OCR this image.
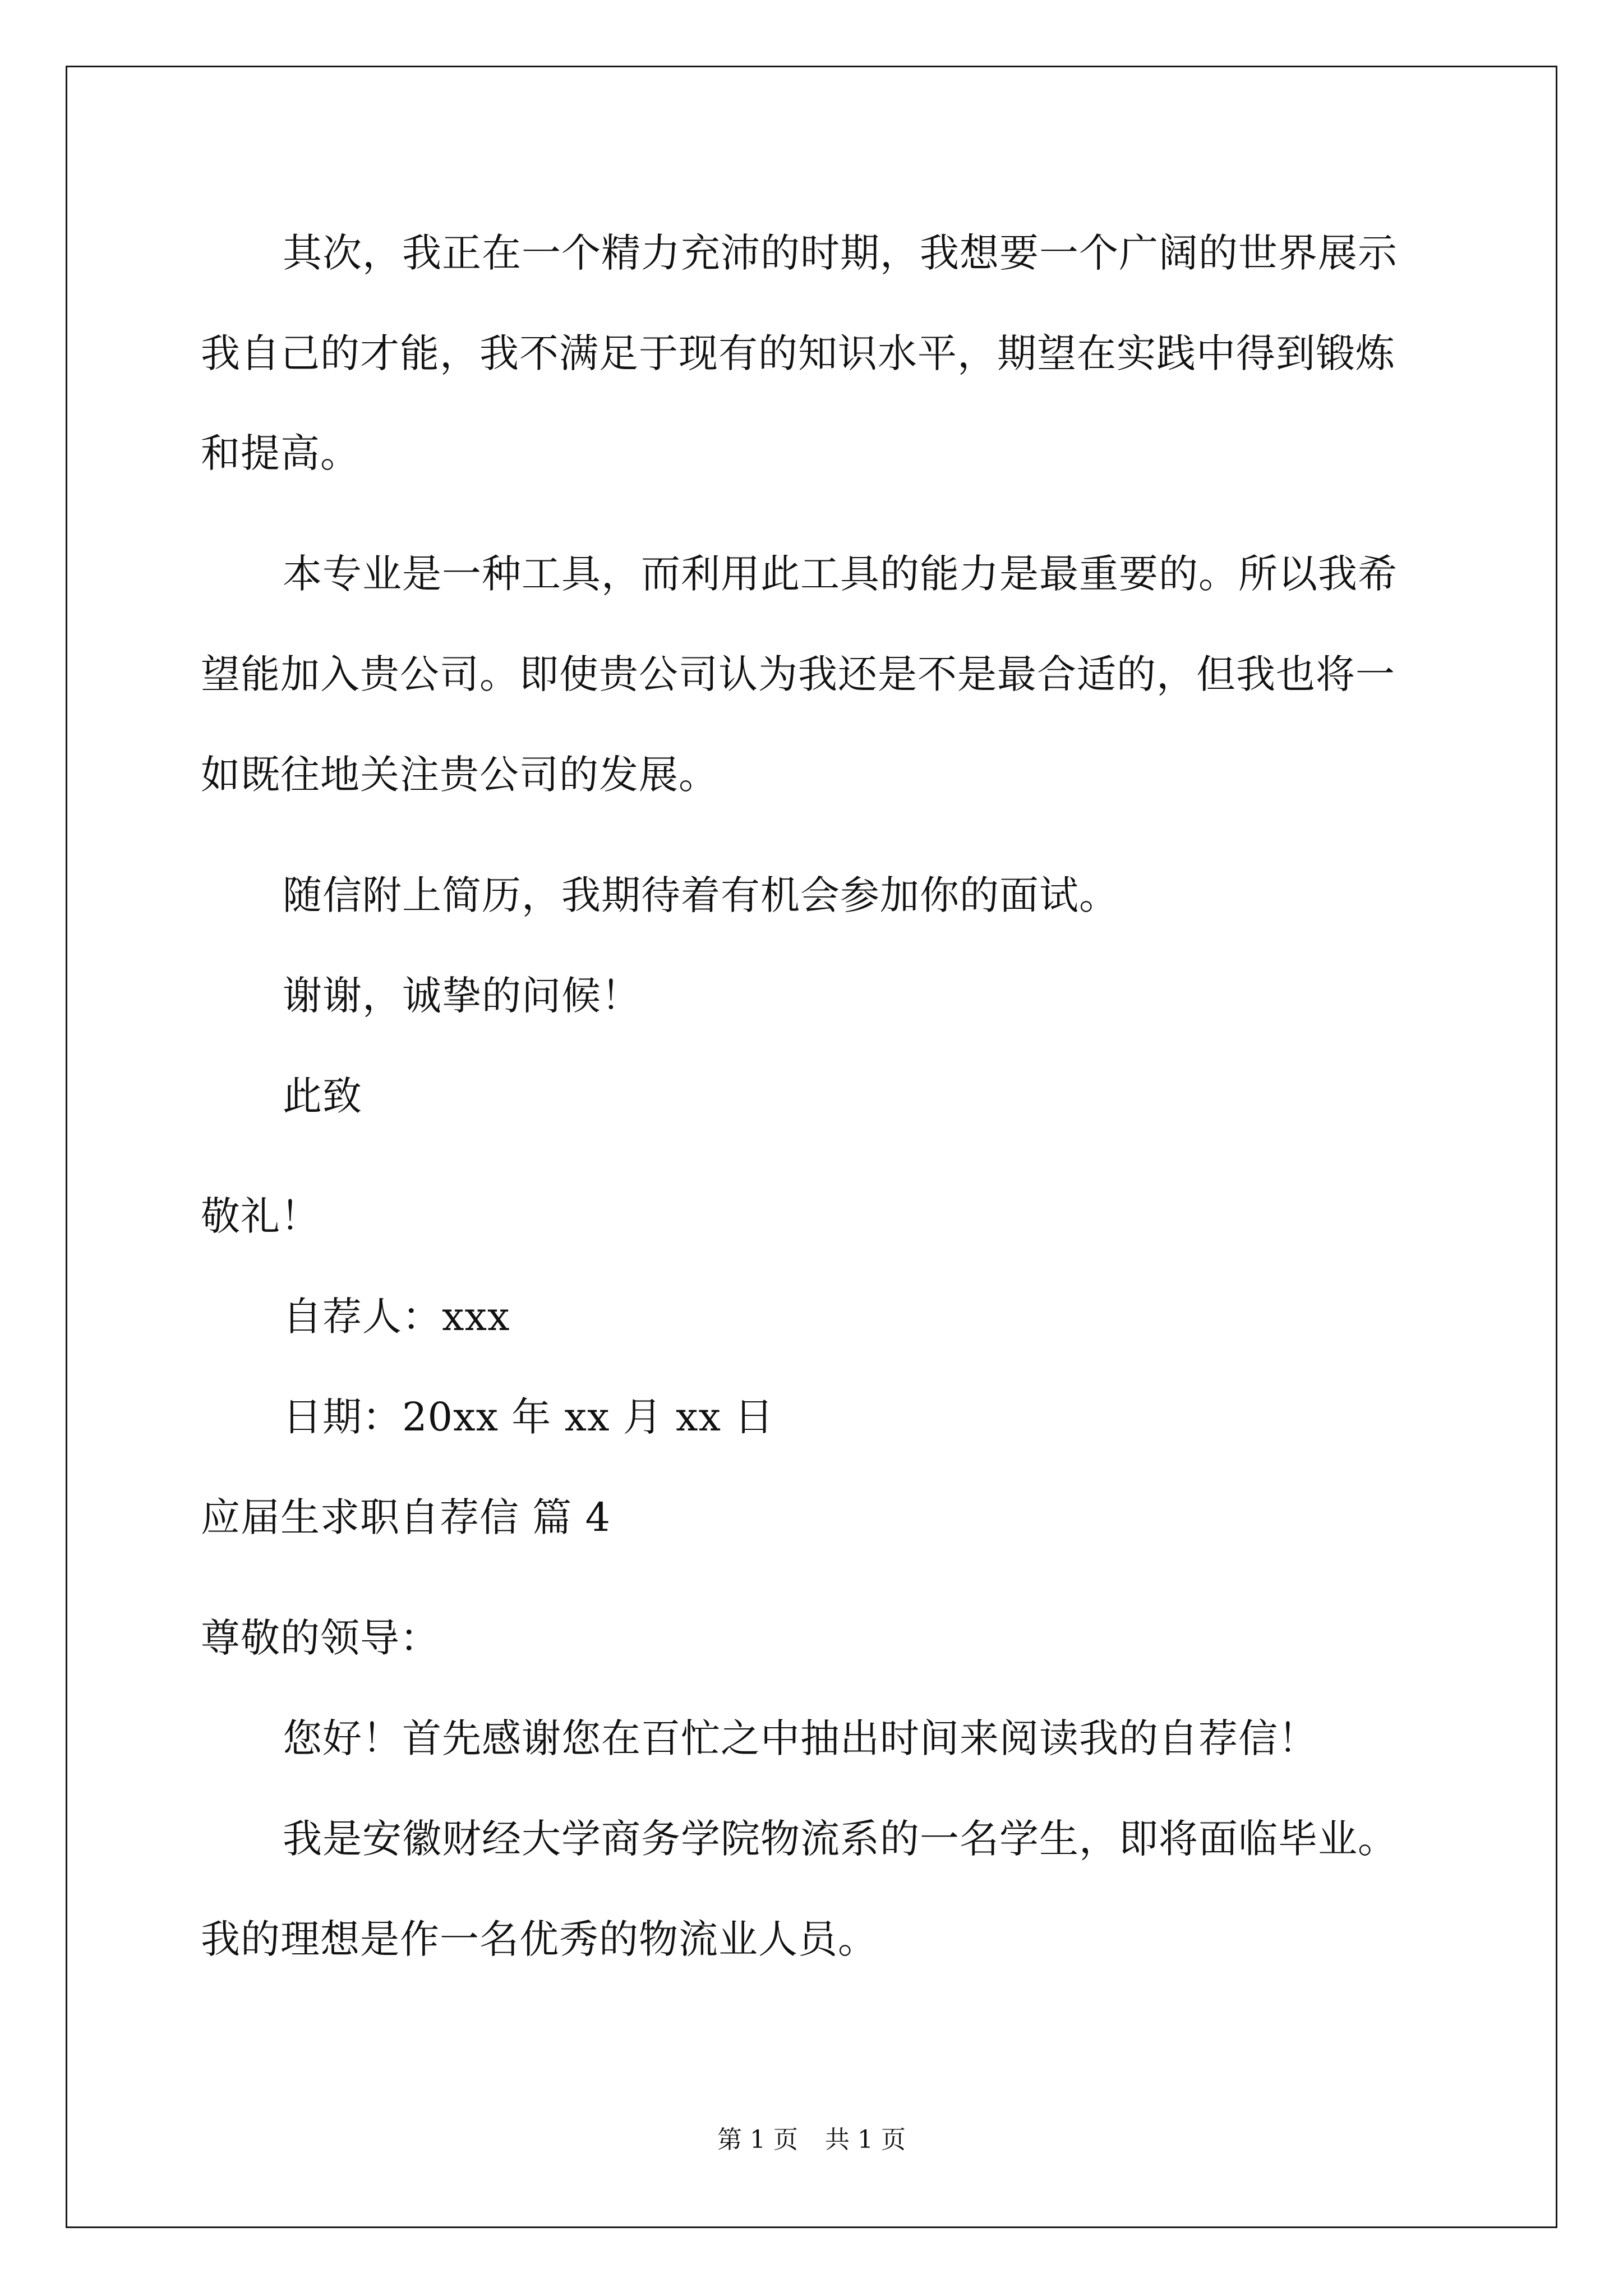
其次，我正在一个精力充沛的时期，我想要一个广阔的世界展示
我自己的才能，我不满足于现有的知识水平，期望在实践中得到锻炼
和提高。
本专业是一种工具，而利用此工具的能力是最重要的。所以我希
望能加入贵公司。即使贵公司认为我还是不是最合适的，但我也将一
如既往地关注贵公司的发展。
随信附上简历，我期待着有机会参加你的面试。
谢谢，诚挚的问候！
此致
敬礼！
自荐人：xxx
日期：20xx 年 xx 月 xx 日
应届生求职自荐信 篇 4
尊敬的领导：
您好！首先感谢您在百忙之中抽出时间来阅读我的自荐信！
我是安徽财经大学商务学院物流系的一名学生，即将面临毕业。
我的理想是作一名优秀的物流业人员。
第 1 页 共 1 页
